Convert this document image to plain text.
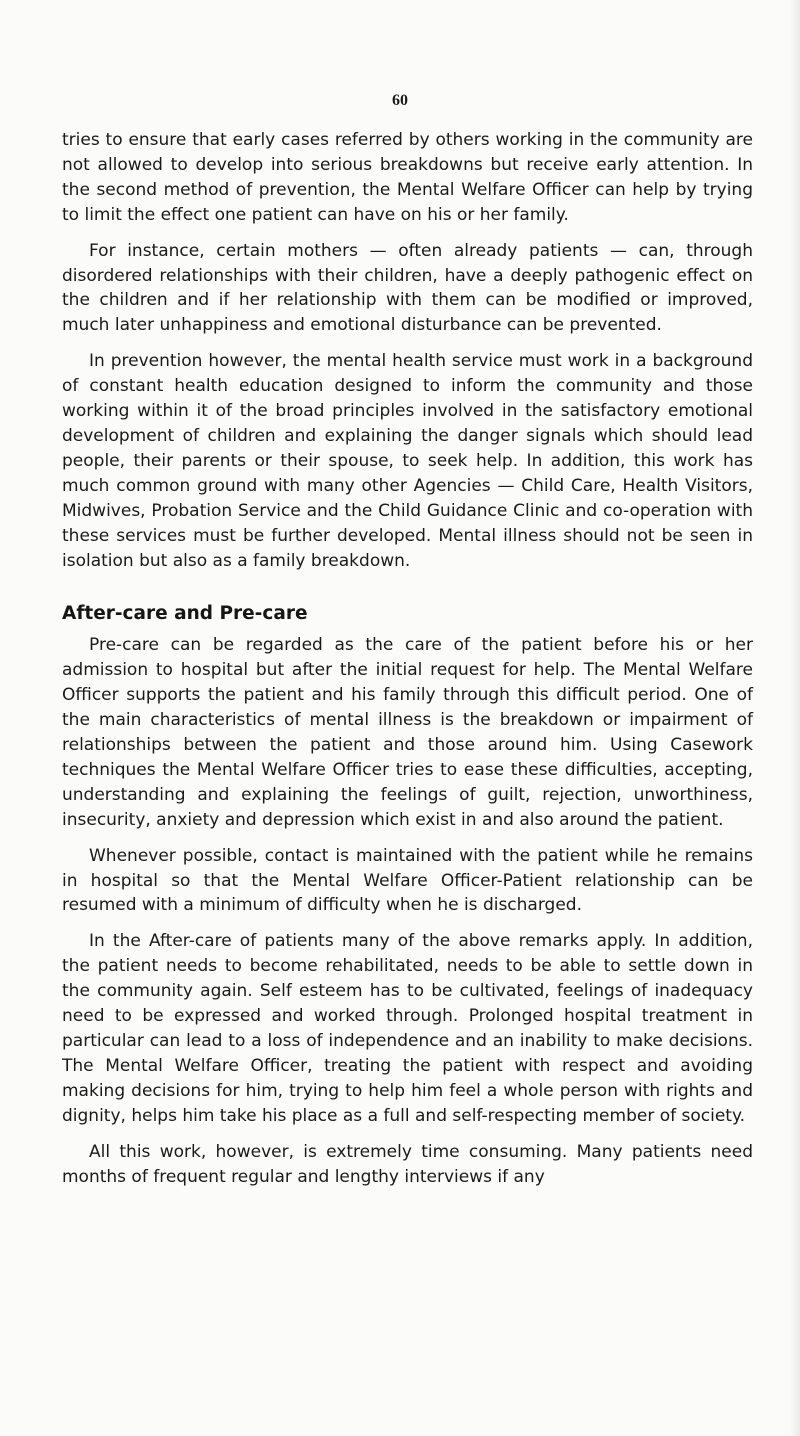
60

tries to ensure that early cases referred by others working in the community are not allowed to develop into serious breakdowns but receive early attention. In the second method of prevention, the Mental Welfare Officer can help by trying to limit the effect one patient can have on his or her family.

For instance, certain mothers — often already patients — can, through disordered relationships with their children, have a deeply pathogenic effect on the children and if her relationship with them can be modified or improved, much later unhappiness and emotional disturbance can be prevented.

In prevention however, the mental health service must work in a background of constant health education designed to inform the community and those working within it of the broad principles involved in the satisfactory emotional development of children and explaining the danger signals which should lead people, their parents or their spouse, to seek help. In addition, this work has much common ground with many other Agencies — Child Care, Health Visitors, Midwives, Probation Service and the Child Guidance Clinic and co-operation with these services must be further developed. Mental illness should not be seen in isolation but also as a family breakdown.

After-care and Pre-care

Pre-care can be regarded as the care of the patient before his or her admission to hospital but after the initial request for help. The Mental Welfare Officer supports the patient and his family through this difficult period. One of the main characteristics of mental illness is the breakdown or impairment of relationships between the patient and those around him. Using Casework techniques the Mental Welfare Officer tries to ease these difficulties, accepting, understanding and explaining the feelings of guilt, rejection, unworthiness, insecurity, anxiety and depression which exist in and also around the patient.

Whenever possible, contact is maintained with the patient while he remains in hospital so that the Mental Welfare Officer-Patient relationship can be resumed with a minimum of difficulty when he is discharged.

In the After-care of patients many of the above remarks apply. In addition, the patient needs to become rehabilitated, needs to be able to settle down in the community again. Self esteem has to be cultivated, feelings of inadequacy need to be expressed and worked through. Prolonged hospital treatment in particular can lead to a loss of independence and an inability to make decisions. The Mental Welfare Officer, treating the patient with respect and avoiding making decisions for him, trying to help him feel a whole person with rights and dignity, helps him take his place as a full and self-respecting member of society.

All this work, however, is extremely time consuming. Many patients need months of frequent regular and lengthy interviews if any
